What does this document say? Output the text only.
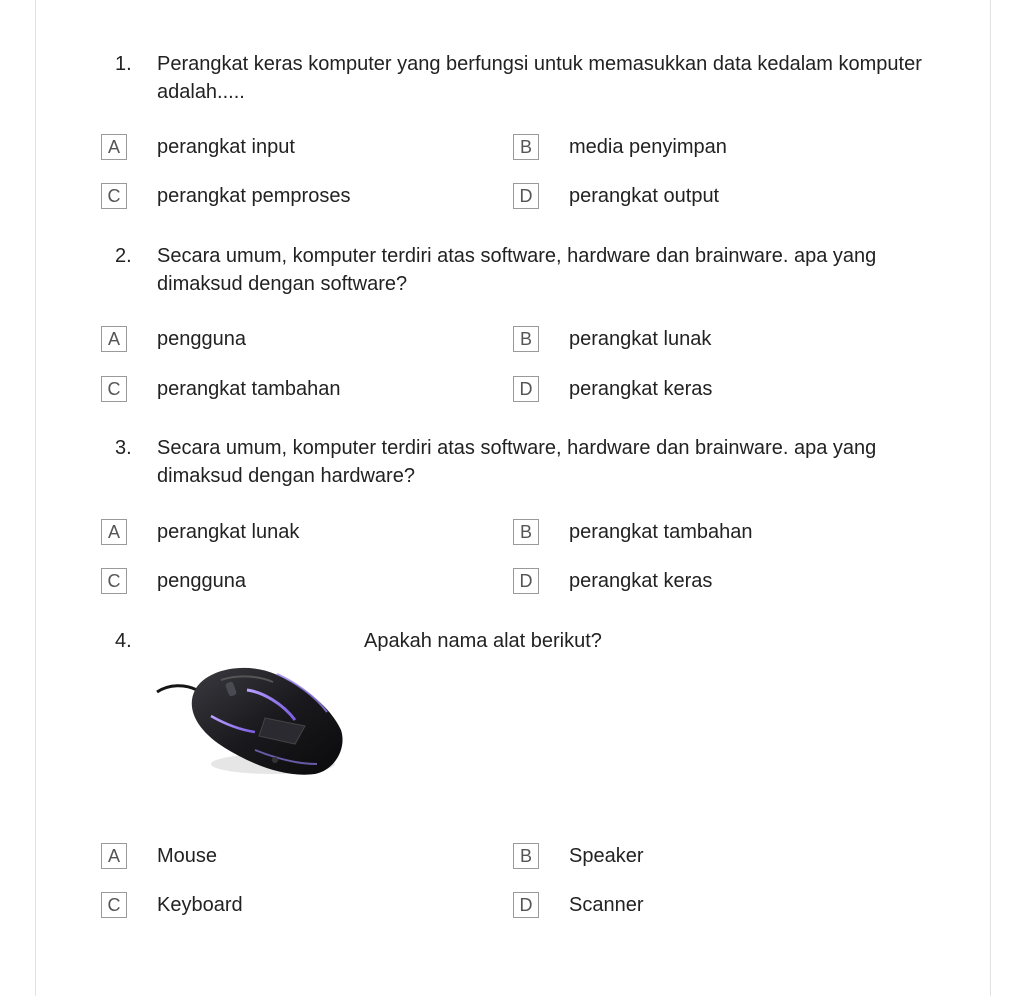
1. Perangkat keras komputer yang berfungsi untuk memasukkan data kedalam komputer adalah.....
A	perangkat input	B	media penyimpan
C	perangkat pemproses	D	perangkat output
2. Secara umum, komputer terdiri atas software, hardware dan brainware. apa yang dimaksud dengan software?
A	pengguna	B	perangkat lunak
C	perangkat tambahan	D	perangkat keras
3. Secara umum, komputer terdiri atas software, hardware dan brainware. apa yang dimaksud dengan hardware?
A	perangkat lunak	B	perangkat tambahan
C	pengguna	D	perangkat keras
4.	Apakah nama alat berikut?
A	Mouse	B	Speaker
C	Keyboard	D	Scanner
